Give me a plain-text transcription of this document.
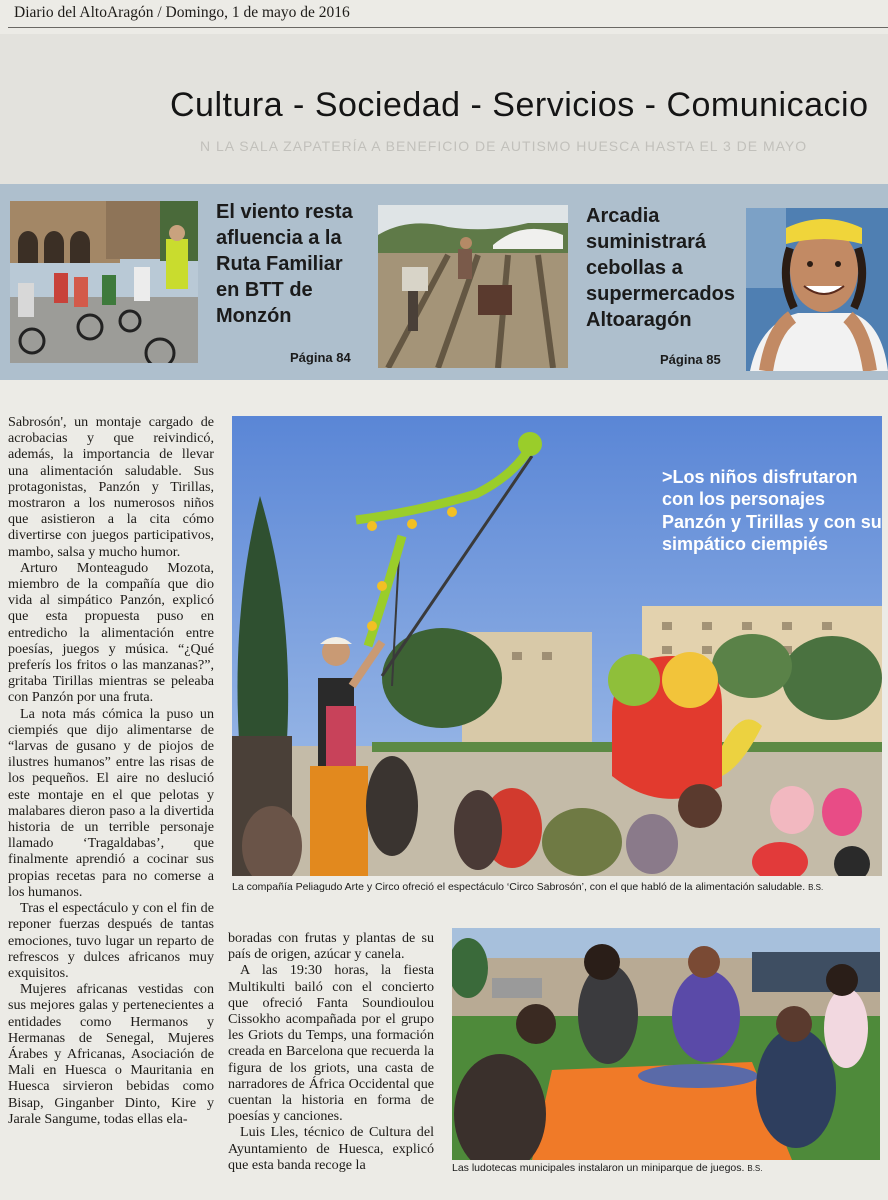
Diario del AltoAragón / Domingo, 1 de mayo de 2016
N LA SALA ZAPATERÍA A BENEFICIO DE AUTISMO HUESCA HASTA EL 3 DE MAYO
Cultura - Sociedad - Servicios - Comunicacio
El viento resta
afluencia a la
Ruta Familiar
en BTT de
Monzón
Página 84
Arcadia
suministrará
cebollas a
supermercados
Altoaragón
Página 85
>Los niños disfrutaron con los personajes Panzón y Tirillas y con su simpático ciempiés
La compañía Peliagudo Arte y Circo ofreció el espectáculo ‘Circo Sabrosón’, con el que habló de la alimentación saludable. B.S.
Las ludotecas municipales instalaron un miniparque de juegos. B.S.

Sabrosón', un montaje cargado de acrobacias y que reivindicó, además, la importancia de llevar una alimentación saludable. Sus protagonistas, Panzón y Tirillas, mostraron a los numerosos niños que asistieron a la cita cómo divertirse con juegos participativos, mambo, salsa y mucho humor.

Arturo Monteagudo Mozota, miembro de la compañía que dio vida al simpático Panzón, explicó que esta propuesta puso en entredicho la alimentación entre poesías, juegos y música. “¿Qué preferís los fritos o las manzanas?”, gritaba Tirillas mientras se peleaba con Panzón por una fruta.

La nota más cómica la puso un ciempiés que dijo alimentarse de “larvas de gusano y de piojos de ilustres humanos” entre las risas de los pequeños. El aire no deslució este montaje en el que pelotas y malabares dieron paso a la divertida historia de un terrible personaje llamado ‘Tragaldabas’, que finalmente aprendió a cocinar sus propias recetas para no comerse a los humanos.

Tras el espectáculo y con el fin de reponer fuerzas después de tantas emociones, tuvo lugar un reparto de refrescos y dulces africanos muy exquisitos.

Mujeres africanas vestidas con sus mejores galas y pertenecientes a entidades como Hermanos y Hermanas de Senegal, Mujeres Árabes y Africanas, Asociación de Mali en Huesca o Mauritania en Huesca sirvieron bebidas como Bisap, Ginganber Dinto, Kire y Jarale Sangume, todas ellas ela-

boradas con frutas y plantas de su país de origen, azúcar y canela.

A las 19:30 horas, la fiesta Multikulti bailó con el concierto que ofreció Fanta Soundioulou Cissokho acompañada por el grupo les Griots du Temps, una formación creada en Barcelona que recuerda la figura de los griots, una casta de narradores de África Occidental que cuentan la historia en forma de poesías y canciones.

Luis Lles, técnico de Cultura del Ayuntamiento de Huesca, explicó que esta banda recoge la
